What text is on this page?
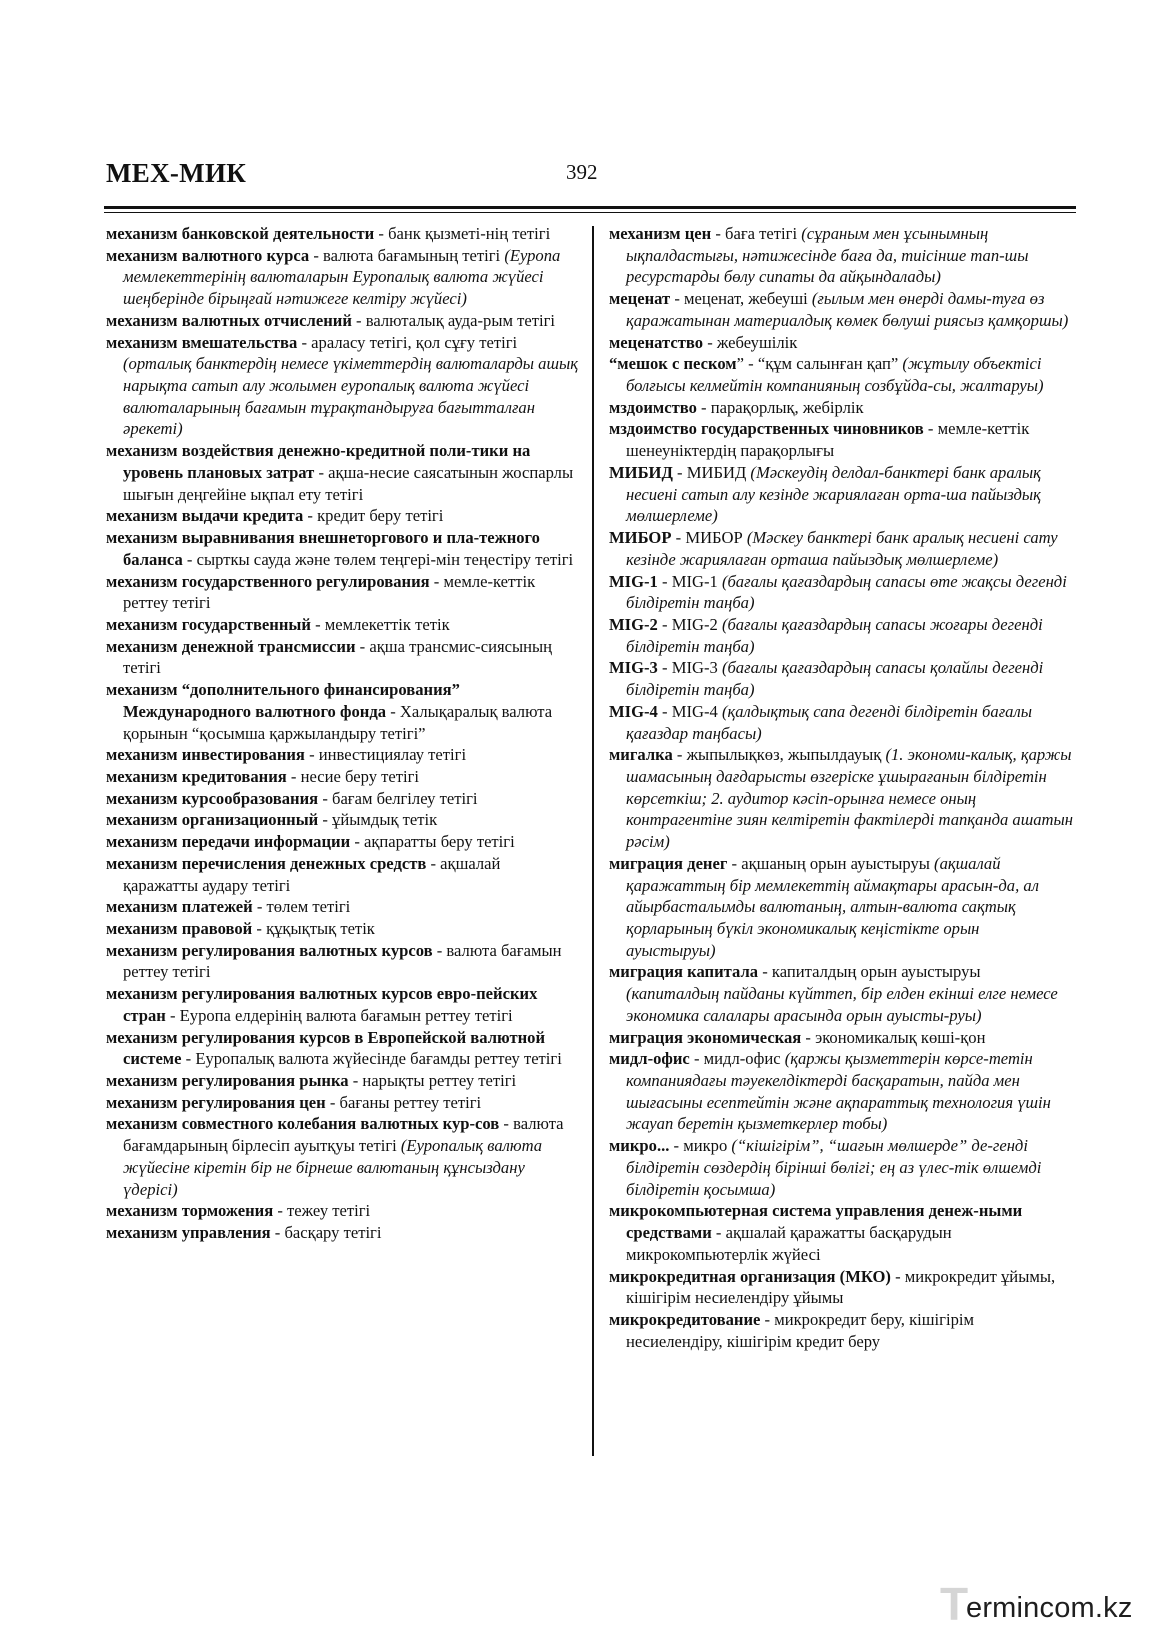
МЕХ-МИК	392
механизм банковской деятельности - банк қызметі-нің тетігі
механизм валютного курса - валюта бағамының тетігі (Еуропа мемлекеттерінің валюталарын Еуропалық валюта жүйесі шеңберінде бірыңғай нәтижеге келтіру жүйесі)
механизм валютных отчислений - валюталық ауда-рым тетігі
механизм вмешательства - араласу тетігі, қол сұғу тетігі (орталық банктердің немесе үкіметтердің валюталарды ашық нарықта сатып алу жолымен еуропалық валюта жүйесі валюталарының бағамын тұрақтандыруға бағытталған әрекеті)
механизм воздействия денежно-кредитной поли-тики на уровень плановых затрат - ақша-несие саясатынын жоспарлы шығын деңгейіне ықпал ету тетігі
механизм выдачи кредита - кредит беру тетігі
механизм выравнивания внешнеторгового и пла-тежного баланса - сырткы сауда және төлем теңгері-мін теңестіру тетігі
механизм государственного регулирования - мемле-кеттік реттеу тетігі
механизм государственный - мемлекеттік тетік
механизм денежной трансмиссии - ақша трансмис-сиясының тетігі
механизм “дополнительного финансирования” Международного валютного фонда - Халықаралық валюта қорынын “қосымша қаржыландыру тетігі”
механизм инвестирования - инвестициялау тетігі
механизм кредитования - несие беру тетігі
механизм курсообразования - бағам белгілеу тетігі
механизм организационный - ұйымдық тетік
механизм передачи информации - ақпаратты беру тетігі
механизм перечисления денежных средств - ақшалай қаражатты аудару тетігі
механизм платежей - төлем тетігі
механизм правовой - құқықтық тетік
механизм регулирования валютных курсов - валюта бағамын реттеу тетігі
механизм регулирования валютных курсов евро-пейских стран - Еуропа елдерінің валюта бағамын реттеу тетігі
механизм регулирования курсов в Европейской валютной системе - Еуропалық валюта жүйесінде бағамды реттеу тетігі
механизм регулирования рынка - нарықты реттеу тетігі
механизм регулирования цен - бағаны реттеу тетігі
механизм совместного колебания валютных кур-сов - валюта бағамдарының бірлесіп ауытқуы тетігі (Еуропалық валюта жүйесіне кіретін бір не бірнеше валютаның құнсыздану үдерісі)
механизм торможения - тежеу тетігі
механизм управления - басқару тетігі
механизм цен - баға тетігі (сұраным мен ұсынымның ықпалдастығы, нәтижесінде баға да, тиісінше тап-шы ресурстарды бөлу сипаты да айқындалады)
меценат - меценат, жебеуші (ғылым мен өнерді дамы-туға өз қаражатынан материалдық көмек бөлуші риясыз қамқоршы)
меценатство - жебеушілік
“мешок с песком” - “құм салынған қап” (жұтылу объектісі болғысы келмейтін компанияның созбұйда-сы, жалтаруы)
мздоимство - парақорлық, жебірлік
мздоимство государственных чиновников - мемле-кеттік шенеуніктердің парақорлығы
МИБИД - МИБИД (Мәскеудің делдал-банктері банк аралық несиені сатып алу кезінде жариялаған орта-ша пайыздық мөлшерлеме)
МИБОР - МИБОР (Мәскеу банктері банк аралық несиені сату кезінде жариялаған орташа пайыздық мөлшерлеме)
MIG-1 - MIG-1 (бағалы қағаздардың сапасы өте жақсы дегенді білдіретін таңба)
MIG-2 - MIG-2 (бағалы қағаздардың сапасы жоғары дегенді білдіретін таңба)
MIG-3 - MIG-3 (бағалы қағаздардың сапасы қолайлы дегенді білдіретін таңба)
MIG-4 - MIG-4 (қалдықтық сапа дегенді білдіретін бағалы қағаздар таңбасы)
мигалка - жыпылықкөз, жыпылдауық (1. экономи-калық, қаржы шамасының дағдарысты өзгеріске ұшырағанын білдіретін көрсеткіш; 2. аудитор кәсіп-орынға немесе оның контрагентіне зиян келтіретін фактілерді тапқанда ашатын рәсім)
миграция денег - ақшаның орын ауыстыруы (ақшалай қаражаттың бір мемлекеттің аймақтары арасын-да, ал айырбасталымды валютаның, алтын-валюта сақтық қорларының бүкіл экономикалық кеңістікте орын ауыстыруы)
миграция капитала - капиталдың орын ауыстыруы (капиталдың пайданы күйттеп, бір елден екінші елге немесе экономика салалары арасында орын ауысты-руы)
миграция экономическая - экономикалық көші-қон
мидл-офис - мидл-офис (қаржы қызметтерін көрсе-тетін компаниядағы тәуекелдіктерді басқаратын, пайда мен шығасыны есептейтін және ақпараттық технология үшін жауап беретін қызметкерлер тобы)
микро... - микро (“кішігірім”, “шағын мөлшерде” де-генді білдіретін сөздердің бірінші бөлігі; ең аз үлес-тік өлшемді білдіретін қосымша)
микрокомпьютерная система управления денеж-ными средствами - ақшалай қаражатты басқарудын микрокомпьютерлік жүйесі
микрокредитная организация (МКО) - микрокредит ұйымы, кішігірім несиелендіру ұйымы
микрокредитование - микрокредит беру, кішігірім несиелендіру, кішігірім кредит беру
T
ermincom.kz
